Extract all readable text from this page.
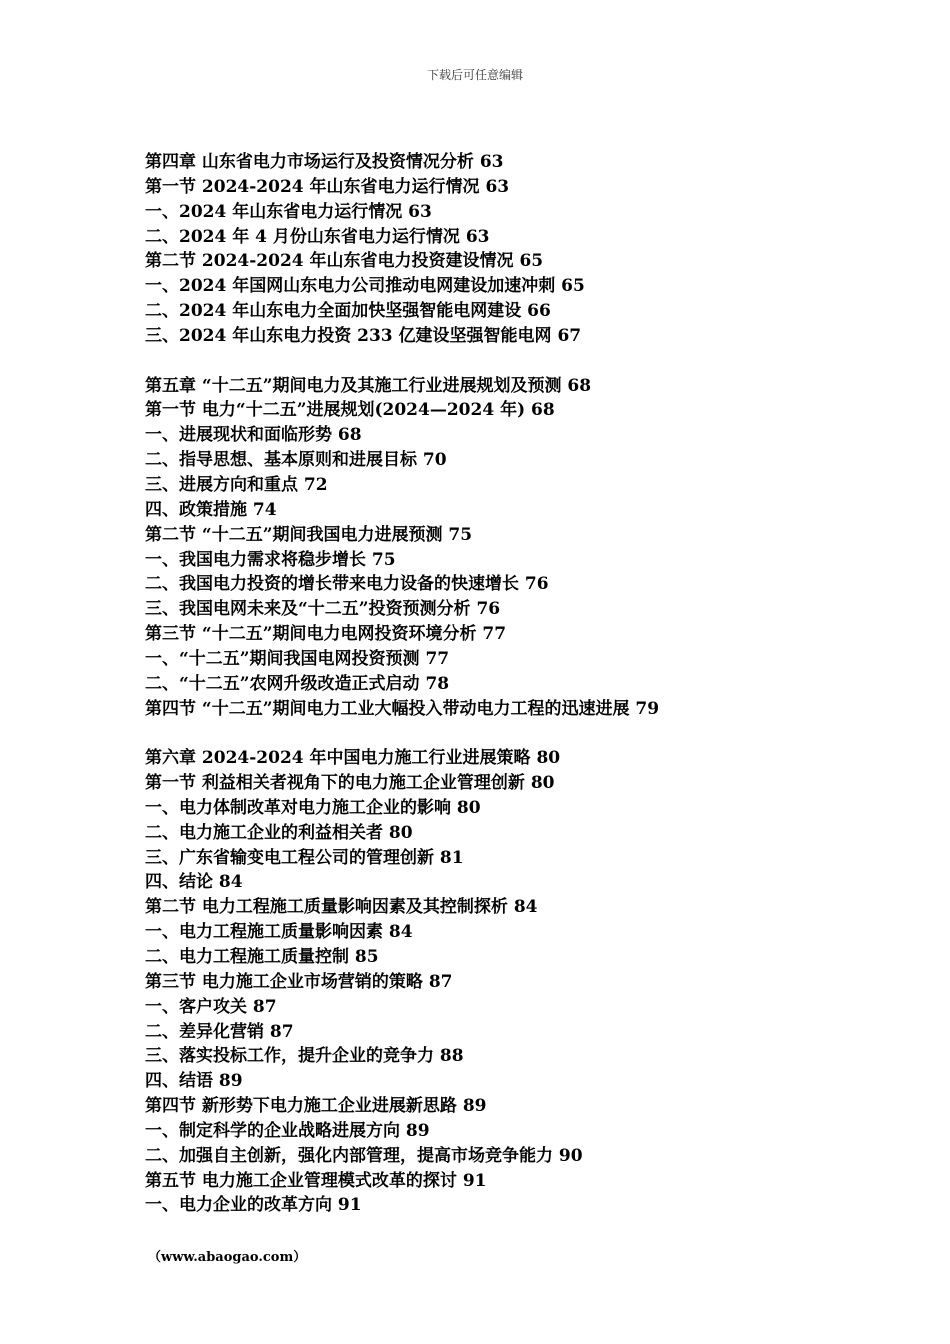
下载后可任意编辑
第四章 山东省电力市场运行及投资情况分析 63
第一节 2024-2024 年山东省电力运行情况 63
一、2024 年山东省电力运行情况 63
二、2024 年 4 月份山东省电力运行情况 63
第二节 2024-2024 年山东省电力投资建设情况 65
一、2024 年国网山东电力公司推动电网建设加速冲刺 65
二、2024 年山东电力全面加快坚强智能电网建设 66
三、2024 年山东电力投资 233 亿建设坚强智能电网 67
第五章 “十二五”期间电力及其施工行业进展规划及预测 68
第一节 电力“十二五”进展规划(2024—2024 年) 68
一、进展现状和面临形势 68
二、指导思想、基本原则和进展目标 70
三、进展方向和重点 72
四、政策措施 74
第二节 “十二五”期间我国电力进展预测 75
一、我国电力需求将稳步增长 75
二、我国电力投资的增长带来电力设备的快速增长 76
三、我国电网未来及“十二五”投资预测分析 76
第三节 “十二五”期间电力电网投资环境分析 77
一、“十二五”期间我国电网投资预测 77
二、“十二五”农网升级改造正式启动 78
第四节 “十二五”期间电力工业大幅投入带动电力工程的迅速进展 79
第六章 2024-2024 年中国电力施工行业进展策略 80
第一节 利益相关者视角下的电力施工企业管理创新 80
一、电力体制改革对电力施工企业的影响 80
二、电力施工企业的利益相关者 80
三、广东省输变电工程公司的管理创新 81
四、结论 84
第二节 电力工程施工质量影响因素及其控制探析 84
一、电力工程施工质量影响因素 84
二、电力工程施工质量控制 85
第三节 电力施工企业市场营销的策略 87
一、客户攻关 87
二、差异化营销 87
三、落实投标工作，提升企业的竞争力 88
四、结语 89
第四节 新形势下电力施工企业进展新思路 89
一、制定科学的企业战略进展方向 89
二、加强自主创新，强化内部管理，提高市场竞争能力 90
第五节 电力施工企业管理模式改革的探讨 91
一、电力企业的改革方向 91
（www.abaogao.com）
